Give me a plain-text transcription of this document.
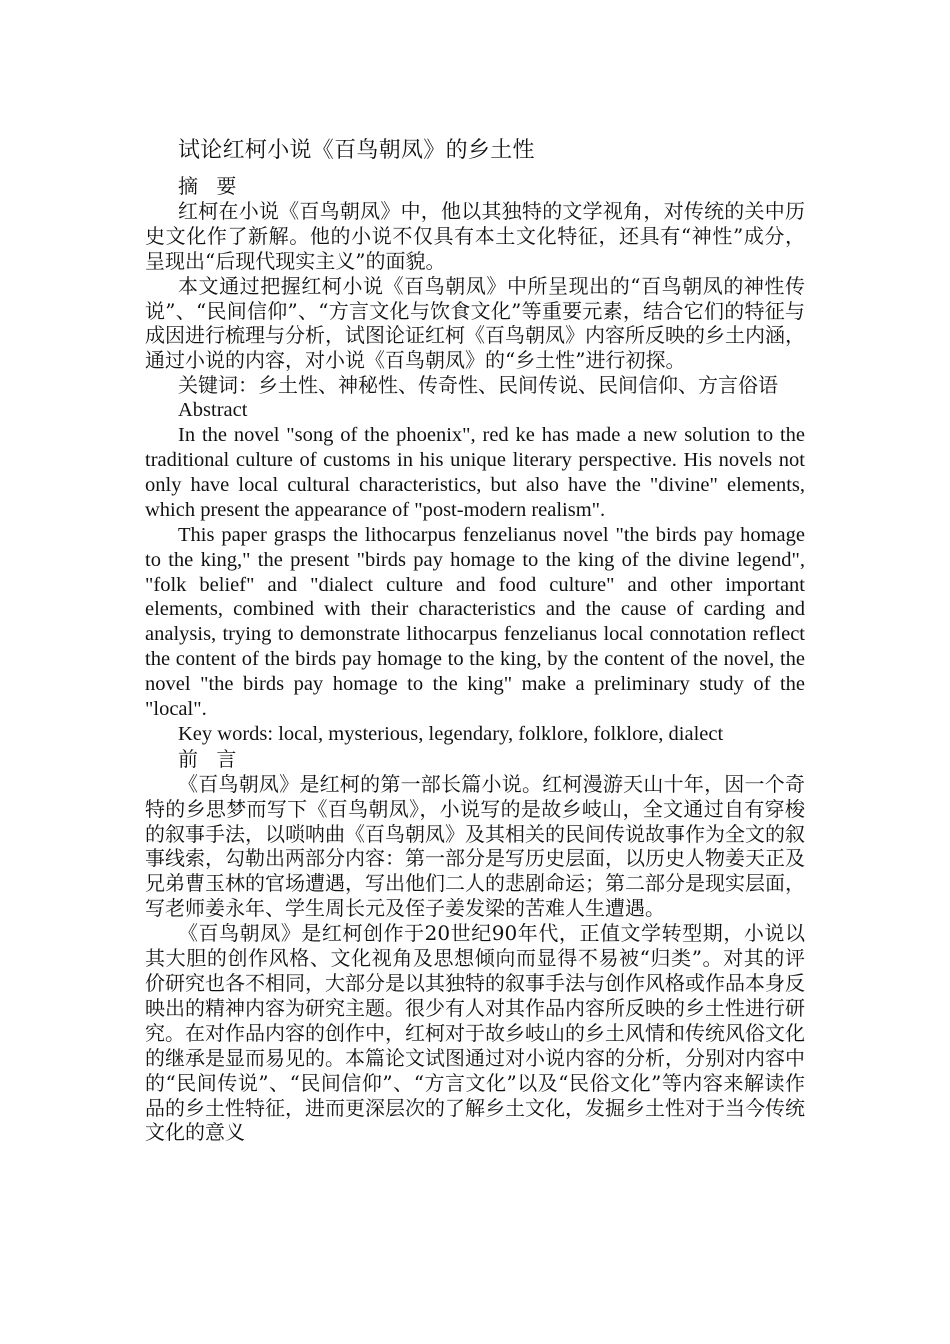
试论红柯小说《百鸟朝凤》的乡土性

摘 要

红柯在小说《百鸟朝凤》中，他以其独特的文学视角，对传统的关中历史文化作了新解。他的小说不仅具有本土文化特征，还具有“神性”成分，呈现出“后现代现实主义”的面貌。

本文通过把握红柯小说《百鸟朝凤》中所呈现出的“百鸟朝凤的神性传说”、“民间信仰”、“方言文化与饮食文化”等重要元素，结合它们的特征与成因进行梳理与分析，试图论证红柯《百鸟朝凤》内容所反映的乡土内涵，通过小说的内容，对小说《百鸟朝凤》的“乡土性”进行初探。

关键词：乡土性、神秘性、传奇性、民间传说、民间信仰、方言俗语

Abstract

In the novel "song of the phoenix", red ke has made a new solution to the traditional culture of customs in his unique literary perspective. His novels not only have local cultural characteristics, but also have the "divine" elements, which present the appearance of "post-modern realism".

This paper grasps the lithocarpus fenzelianus novel "the birds pay homage to the king," the present "birds pay homage to the king of the divine legend", "folk belief" and "dialect culture and food culture" and other important elements, combined with their characteristics and the cause of carding and analysis, trying to demonstrate lithocarpus fenzelianus local connotation reflect the content of the birds pay homage to the king, by the content of the novel, the novel "the birds pay homage to the king" make a preliminary study of the "local".

Key words: local, mysterious, legendary, folklore, folklore, dialect

前 言

《百鸟朝凤》是红柯的第一部长篇小说。红柯漫游天山十年，因一个奇特的乡思梦而写下《百鸟朝凤》，小说写的是故乡岐山，全文通过自有穿梭的叙事手法，以唢呐曲《百鸟朝凤》及其相关的民间传说故事作为全文的叙事线索，勾勒出两部分内容：第一部分是写历史层面，以历史人物姜天正及兄弟曹玉林的官场遭遇，写出他们二人的悲剧命运；第二部分是现实层面，写老师姜永年、学生周长元及侄子姜发梁的苦难人生遭遇。

《百鸟朝凤》是红柯创作于20世纪90年代，正值文学转型期，小说以其大胆的创作风格、文化视角及思想倾向而显得不易被“归类”。对其的评价研究也各不相同，大部分是以其独特的叙事手法与创作风格或作品本身反映出的精神内容为研究主题。很少有人对其作品内容所反映的乡土性进行研究。在对作品内容的创作中，红柯对于故乡岐山的乡土风情和传统风俗文化的继承是显而易见的。本篇论文试图通过对小说内容的分析，分别对内容中的“民间传说”、“民间信仰”、“方言文化”以及“民俗文化”等内容来解读作品的乡土性特征，进而更深层次的了解乡土文化，发掘乡土性对于当今传统文化的意义
